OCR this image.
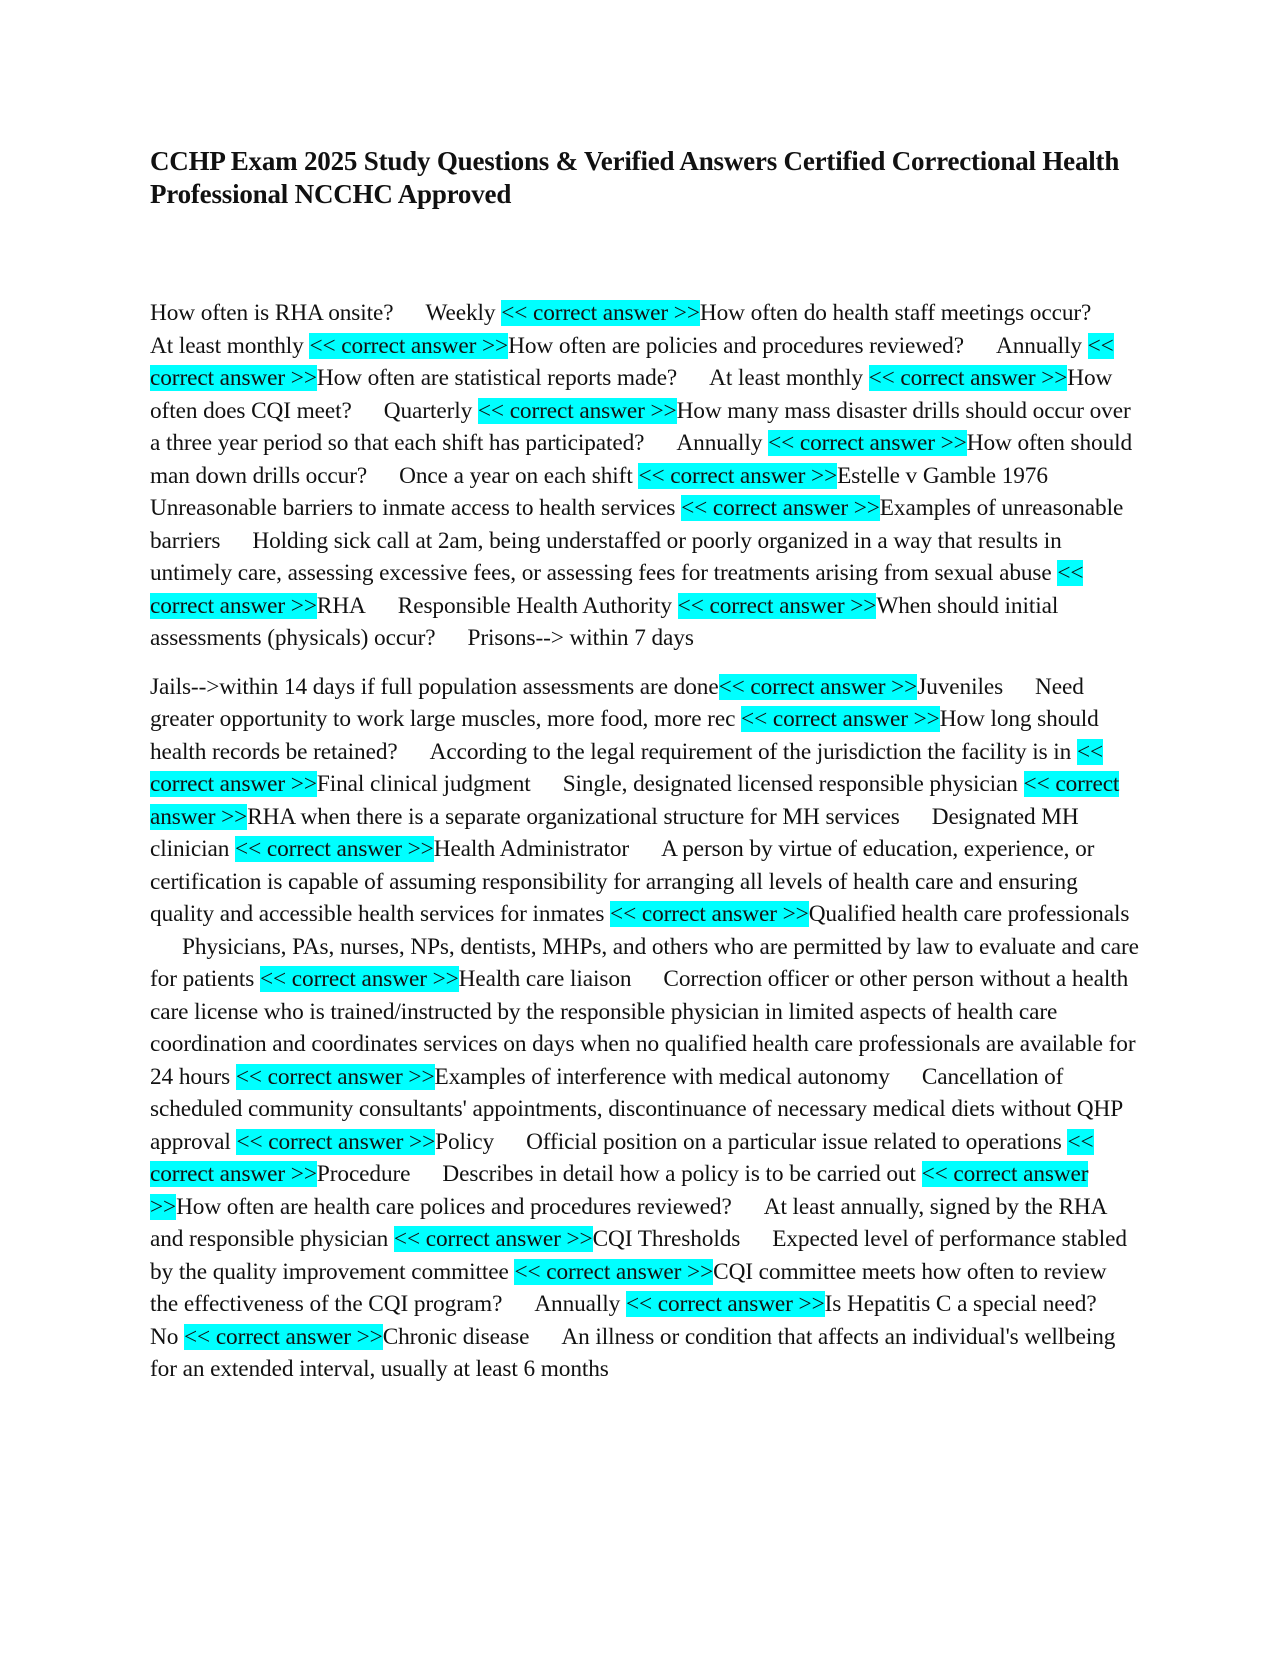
CCHP Exam 2025 Study Questions & Verified Answers Certified Correctional Health Professional NCCHC Approved

How often is RHA onsite? Weekly << correct answer >>How often do health staff meetings occur?At least monthly << correct answer >>How often are policies and procedures reviewed? Annually << correct answer >>How often are statistical reports made? At least monthly << correct answer >>How often does CQI meet? Quarterly << correct answer >>How many mass disaster drills should occur over a three year period so that each shift has participated? Annually << correct answer >>How often should man down drills occur? Once a year on each shift << correct answer >>Estelle v Gamble 1976Unreasonable barriers to inmate access to health services << correct answer >>Examples of unreasonable barriers Holding sick call at 2am, being understaffed or poorly organized in a way that results in untimely care, assessing excessive fees, or assessing fees for treatments arising from sexual abuse << correct answer >>RHA Responsible Health Authority << correct answer >>When should initial assessments (physicals) occur? Prisons--> within 7 days

Jails-->within 14 days if full population assessments are done<< correct answer >>Juveniles Need greater opportunity to work large muscles, more food, more rec << correct answer >>How long should health records be retained? According to the legal requirement of the jurisdiction the facility is in << correct answer >>Final clinical judgment Single, designated licensed responsible physician << correct answer >>RHA when there is a separate organizational structure for MH services Designated MH clinician << correct answer >>Health Administrator A person by virtue of education, experience, or certification is capable of assuming responsibility for arranging all levels of health care and ensuring quality and accessible health services for inmates << correct answer >>Qualified health care professionalsPhysicians, PAs, nurses, NPs, dentists, MHPs, and others who are permitted by law to evaluate and care for patients << correct answer >>Health care liaison Correction officer or other person without a health care license who is trained/instructed by the responsible physician in limited aspects of health care coordination and coordinates services on days when no qualified health care professionals are available for 24 hours << correct answer >>Examples of interference with medical autonomy Cancellation of scheduled community consultants' appointments, discontinuance of necessary medical diets without QHP approval << correct answer >>Policy Official position on a particular issue related to operations << correct answer >>Procedure Describes in detail how a policy is to be carried out << correct answer >>How often are health care polices and procedures reviewed? At least annually, signed by the RHA and responsible physician << correct answer >>CQI Thresholds Expected level of performance stabled by the quality improvement committee << correct answer >>CQI committee meets how often to review the effectiveness of the CQI program? Annually << correct answer >>Is Hepatitis C a special need?No << correct answer >>Chronic disease An illness or condition that affects an individual's wellbeing for an extended interval, usually at least 6 months
